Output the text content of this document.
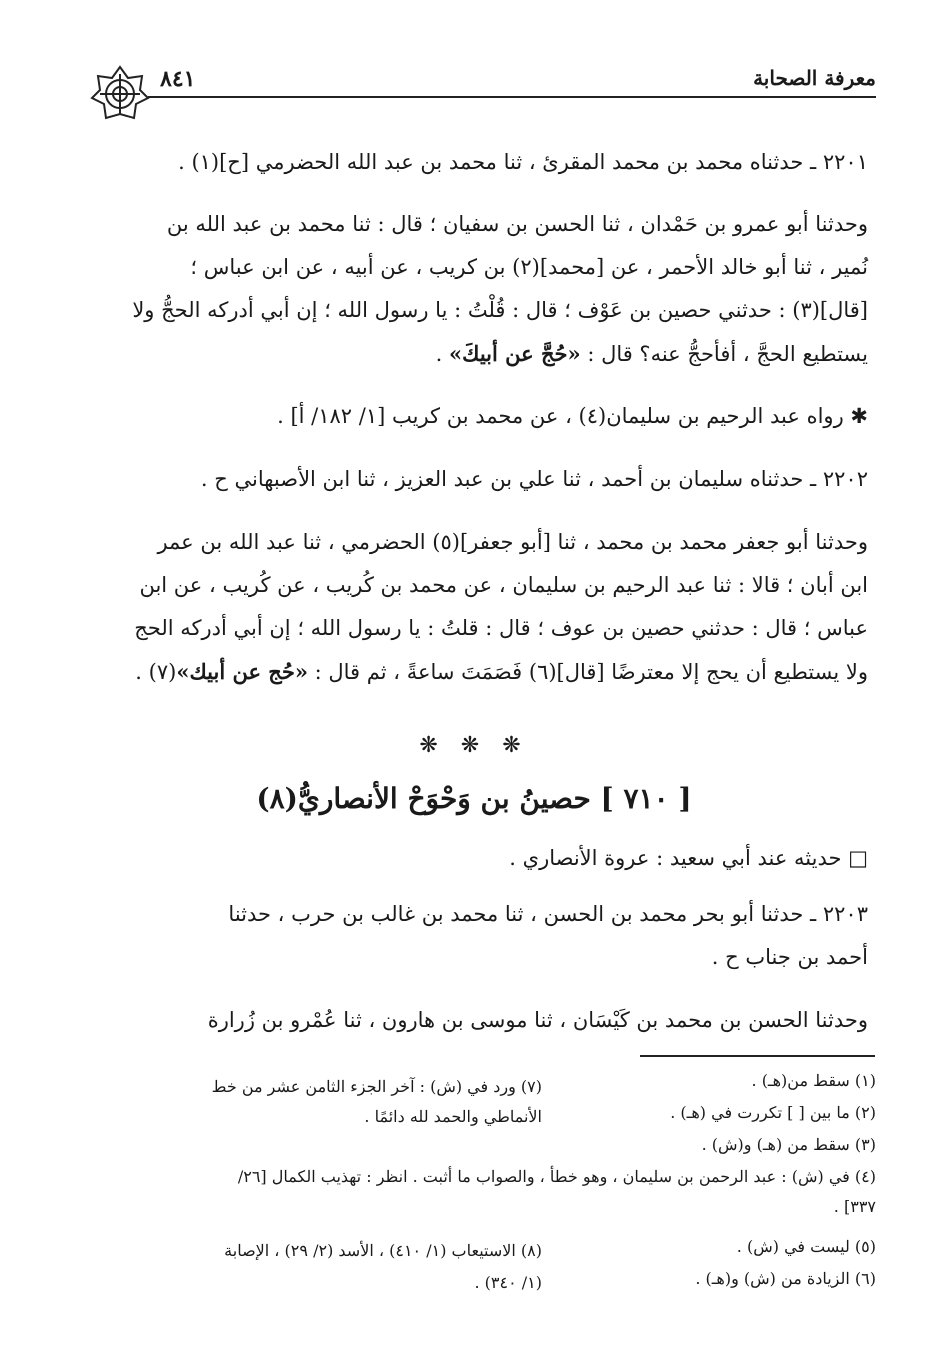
معرفة الصحابة
٨٤١
٢٢٠١ ـ حدثناه محمد بن محمد المقرئ ، ثنا محمد بن عبد الله الحضرمي [ح](١) .
وحدثنا أبو عمرو بن حَمْدان ، ثنا الحسن بن سفيان ؛ قال : ثنا محمد بن عبد الله بن
نُمير ، ثنا أبو خالد الأحمر ، عن [محمد](٢) بن كريب ، عن أبيه ، عن ابن عباس ؛
[قال](٣) : حدثني حصين بن عَوْف ؛ قال : قُلْتُ : يا رسول الله ؛ إن أبي أدركه الحجُّ ولا
يستطيع الحجَّ ، أفأحجُّ عنه؟ قال : «حُجَّ عن أبيكَ» .
✱ رواه عبد الرحيم بن سليمان(٤) ، عن محمد بن كريب [١/ ١٨٢/ أ] .
٢٢٠٢ ـ حدثناه سليمان بن أحمد ، ثنا علي بن عبد العزيز ، ثنا ابن الأصبهاني ح .
وحدثنا أبو جعفر محمد بن محمد ، ثنا [أبو جعفر](٥) الحضرمي ، ثنا عبد الله بن عمر
ابن أبان ؛ قالا : ثنا عبد الرحيم بن سليمان ، عن محمد بن كُريب ، عن كُريب ، عن ابن
عباس ؛ قال : حدثني حصين بن عوف ؛ قال : قلتُ : يا رسول الله ؛ إن أبي أدركه الحج
ولا يستطيع أن يحج إلا معترضًا [قال](٦) فَصَمَتَ ساعةً ، ثم قال : «حُج عن أبيك»(٧) .
❋ ❋ ❋
[ ٧١٠ ] حصينُ بن وَحْوَحْ الأنصاريُّ(٨)
□ حديثه عند أبي سعيد : عروة الأنصاري .
٢٢٠٣ ـ حدثنا أبو بحر محمد بن الحسن ، ثنا محمد بن غالب بن حرب ، حدثنا
أحمد بن جناب ح .
وحدثنا الحسن بن محمد بن كَيْسَان ، ثنا موسى بن هارون ، ثنا عُمْرو بن زُرارة
(١) سقط من(هـ) .
(٢) ما بين [ ] تكررت في (هـ) .
(٣) سقط من (هـ) و(ش) .
(٤) في (ش) : عبد الرحمن بن سليمان ، وهو خطأ ، والصواب ما أثبت . انظر : تهذيب الكمال [٢٦/
٣٣٧] .
(٥) ليست في (ش) .
(٦) الزيادة من (ش) و(هـ) .
(٧) ورد في (ش) : آخر الجزء الثامن عشر من خط
الأنماطي والحمد لله دائمًا .
(٨) الاستيعاب (١/ ٤١٠) ، الأسد (٢/ ٢٩) ، الإصابة
(١/ ٣٤٠) .
